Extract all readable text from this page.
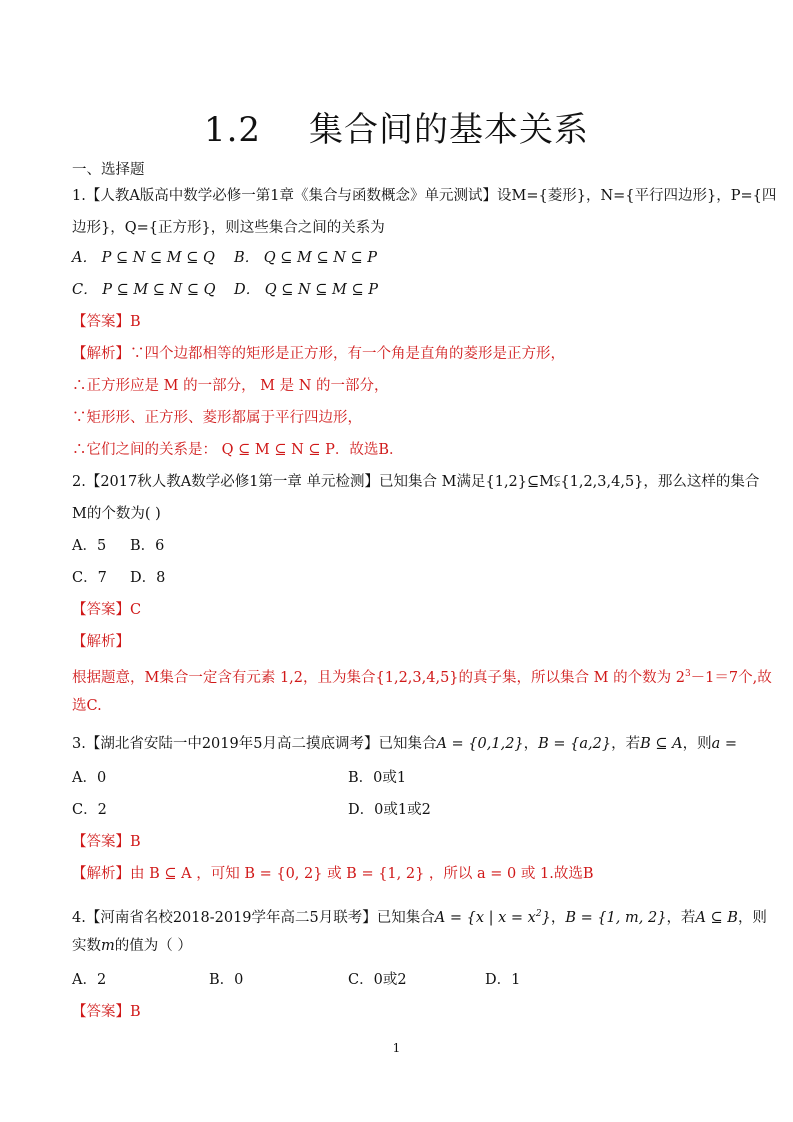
1.2 集合间的基本关系
一、选择题
1.【人教A版高中数学必修一第1章《集合与函数概念》单元测试】设M={菱形}，N={平行四边形}，P={四
边形}，Q={正方形}，则这些集合之间的关系为
A． P ⊆ N ⊆ M ⊆ Q B． Q ⊆ M ⊆ N ⊆ P
C． P ⊆ M ⊆ N ⊆ Q D． Q ⊆ N ⊆ M ⊆ P
【答案】B
【解析】∵四个边都相等的矩形是正方形，有一个角是直角的菱形是正方形，
∴正方形应是 M 的一部分， M 是 N 的一部分，
∵矩形形、正方形、菱形都属于平行四边形，
∴它们之间的关系是： Q ⊆ M ⊆ N ⊆ P．故选B．
2.【2017秋人教A数学必修1第一章 单元检测】已知集合 M满足{1,2}⊆M⫋{1,2,3,4,5}，那么这样的集合
M的个数为( )
A．5 B．6
C．7 D．8
【答案】C
【解析】
根据题意，M集合一定含有元素 1,2，且为集合{1,2,3,4,5}的真子集，所以集合 M 的个数为 $2^3-1=7$个,故
选C.
3.【湖北省安陆一中2019年5月高二摸底调考】已知集合A = {0,1,2}，B = {a,2}，若B ⊆ A，则a =
A．0	B．0或1
C．2	D．0或1或2
【答案】B
【解析】由 B ⊆ A ，可知 B = {0, 2} 或 B = {1, 2} ，所以 a = 0 或 1.故选B
4.【河南省名校2018-2019学年高二5月联考】已知集合A = {x | $x = x^2$}，B = {1, m, 2}，若A ⊆ B，则
实数m的值为（ ）
A．2	B．0	C．0或2	D．1
【答案】B
1
